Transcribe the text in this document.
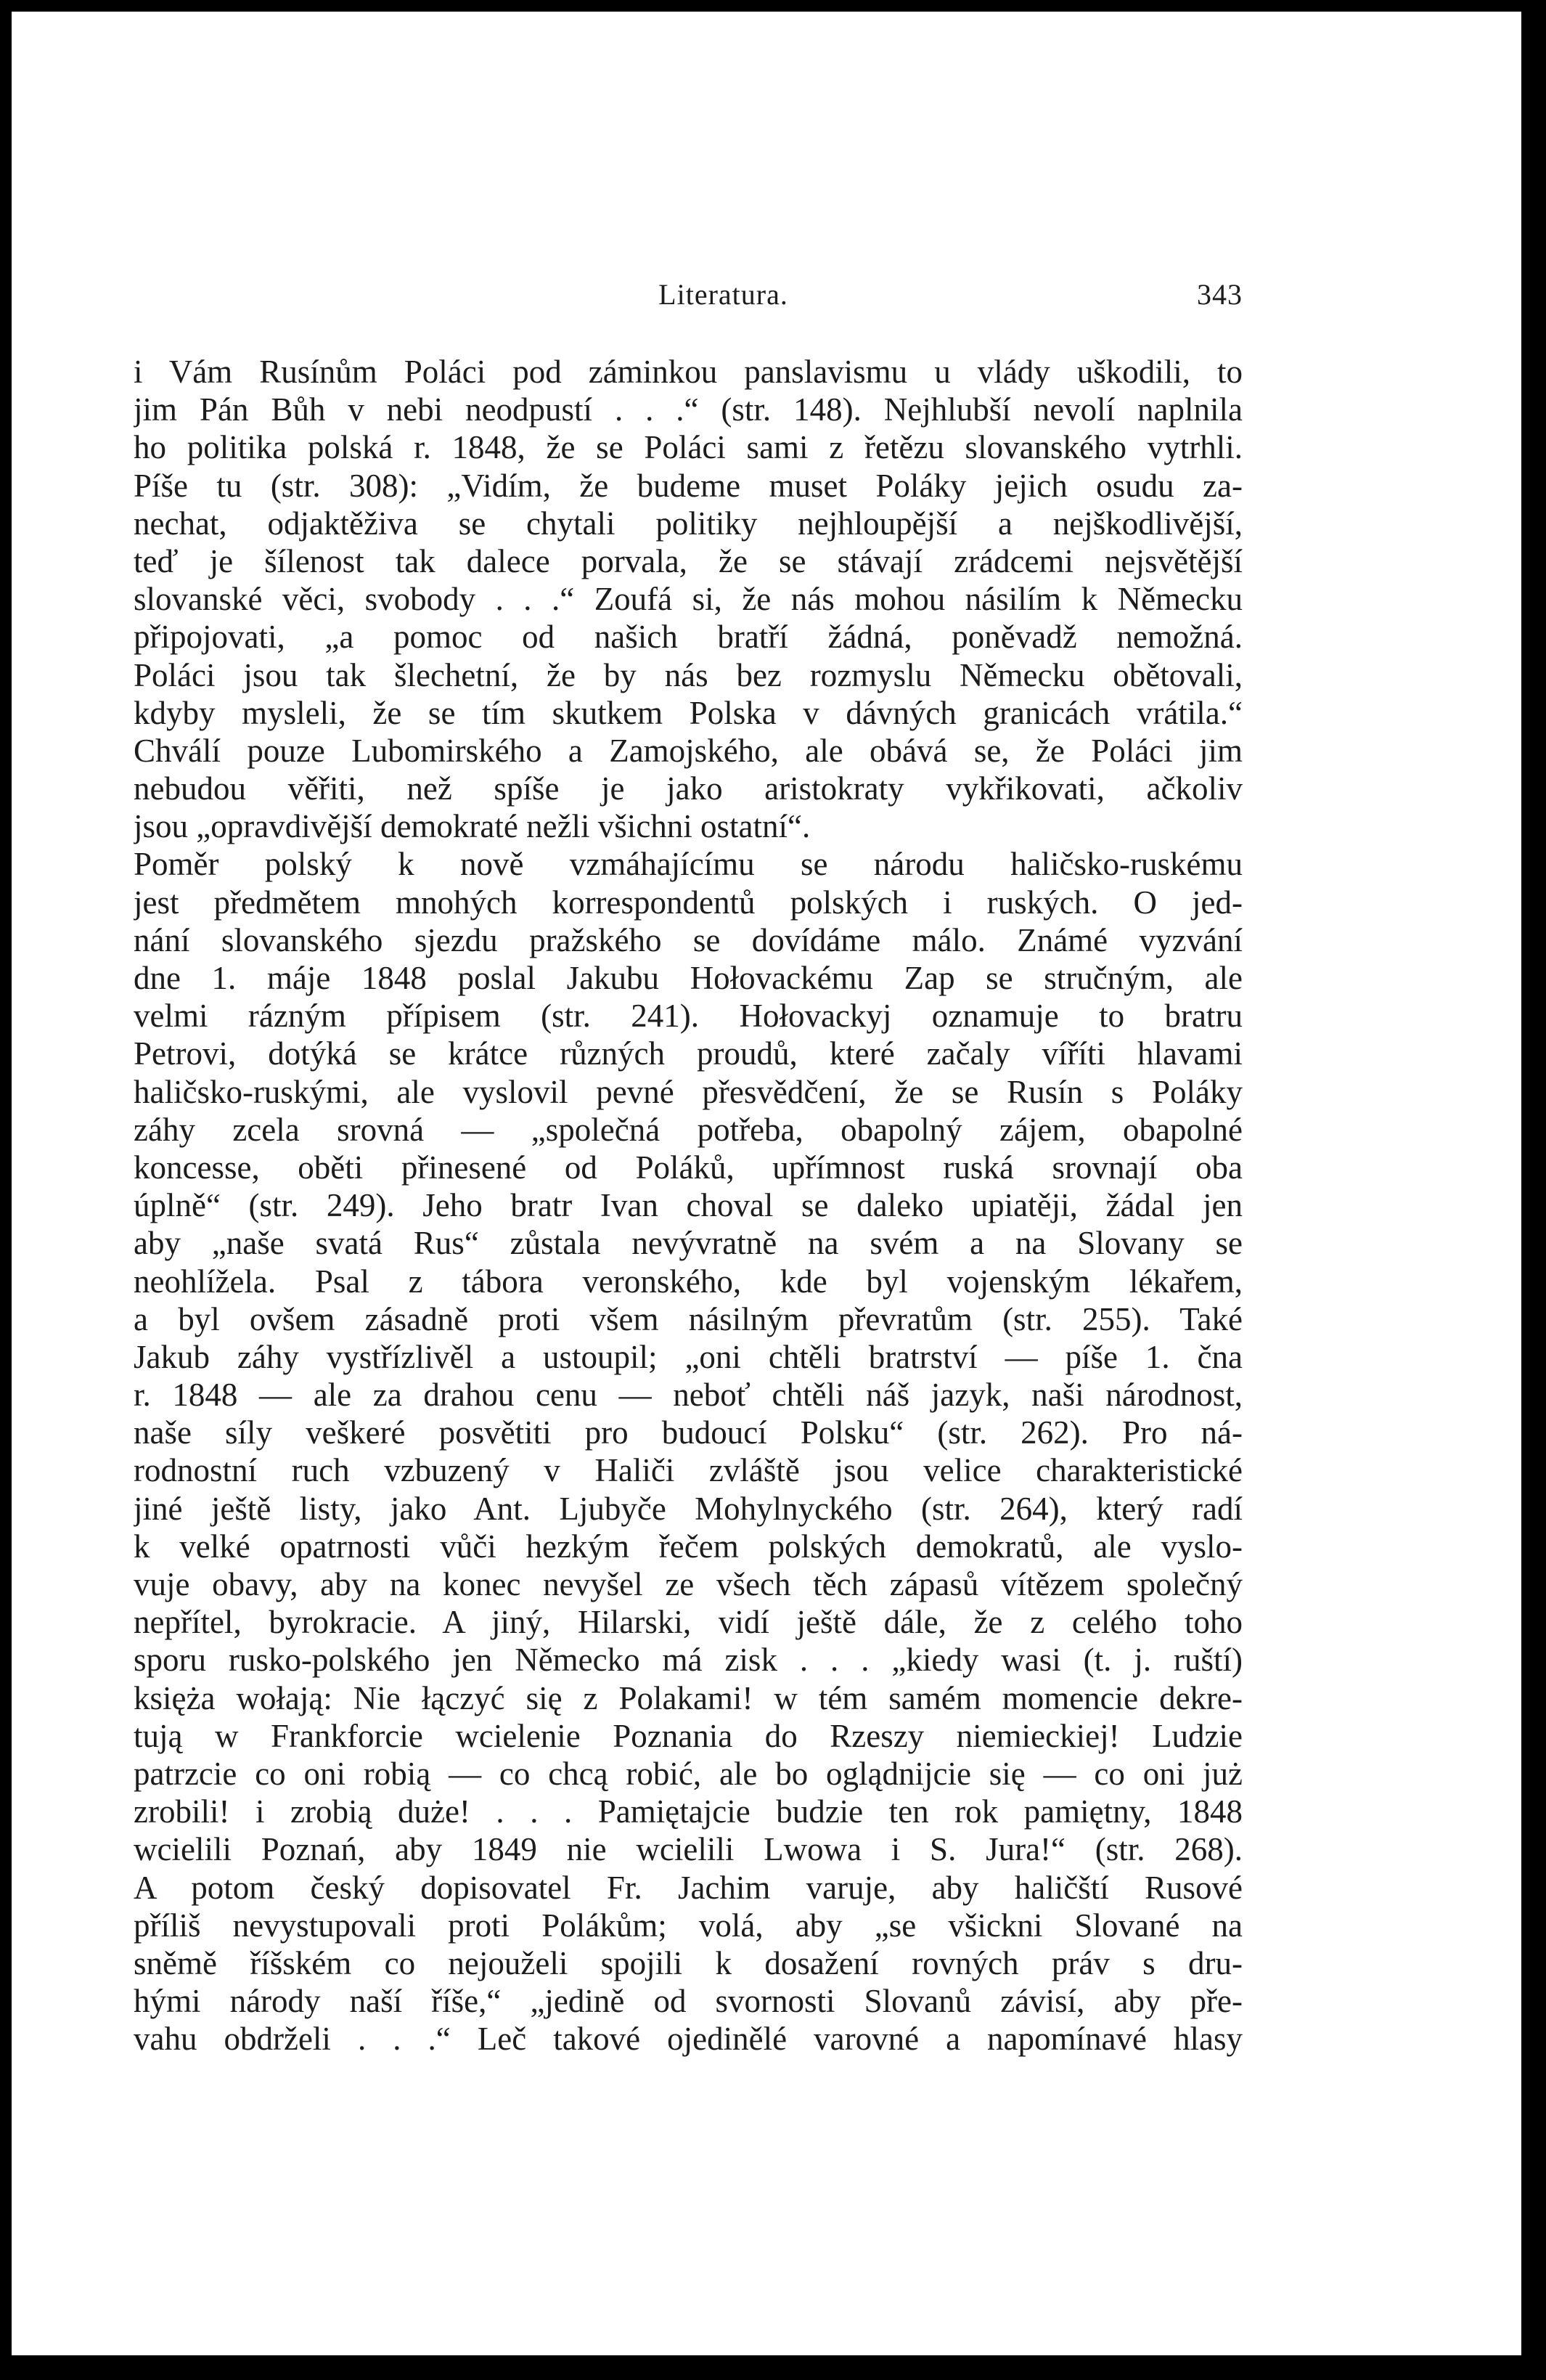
Literatura.	343
i Vám Rusínům Poláci pod záminkou panslavismu u vlády uškodili, to
jim Pán Bůh v nebi neodpustí . . .“ (str. 148). Nejhlubší nevolí naplnila
ho politika polská r. 1848, že se Poláci sami z řetězu slovanského vytrhli.
Píše tu (str. 308): „Vidím, že budeme muset Poláky jejich osudu za-
nechat, odjaktěživa se chytali politiky nejhloupější a nejškodlivější,
teď je šílenost tak dalece porvala, že se stávají zrádcemi nejsvětější
slovanské věci, svobody . . .“ Zoufá si, že nás mohou násilím k Německu
připojovati, „a pomoc od našich bratří žádná, poněvadž nemožná.
Poláci jsou tak šlechetní, že by nás bez rozmyslu Německu obětovali,
kdyby mysleli, že se tím skutkem Polska v dávných granicách vrátila.“
Chválí pouze Lubomirského a Zamojského, ale obává se, že Poláci jim
nebudou věřiti, než spíše je jako aristokraty vykřikovati, ačkoliv
jsou „opravdivější demokraté nežli všichni ostatní“.
Poměr polský k nově vzmáhajícímu se národu haličsko-ruskému
jest předmětem mnohých korrespondentů polských i ruských. O jed-
nání slovanského sjezdu pražského se dovídáme málo. Známé vyzvání
dne 1. máje 1848 poslal Jakubu Hołovackému Zap se stručným, ale
velmi rázným přípisem (str. 241). Hołovackyj oznamuje to bratru
Petrovi, dotýká se krátce různých proudů, které začaly víříti hlavami
haličsko-ruskými, ale vyslovil pevné přesvědčení, že se Rusín s Poláky
záhy zcela srovná — „společná potřeba, obapolný zájem, obapolné
koncesse, oběti přinesené od Poláků, upřímnost ruská srovnají oba
úplně“ (str. 249). Jeho bratr Ivan choval se daleko upiatěji, žádal jen
aby „naše svatá Rus“ zůstala nevývratně na svém a na Slovany se
neohlížela. Psal z tábora veronského, kde byl vojenským lékařem,
a byl ovšem zásadně proti všem násilným převratům (str. 255). Také
Jakub záhy vystřízlivěl a ustoupil; „oni chtěli bratrství — píše 1. čna
r. 1848 — ale za drahou cenu — neboť chtěli náš jazyk, naši národnost,
naše síly veškeré posvětiti pro budoucí Polsku“ (str. 262). Pro ná-
rodnostní ruch vzbuzený v Haliči zvláště jsou velice charakteristické
jiné ještě listy, jako Ant. Ljubyče Mohylnyckého (str. 264), který radí
k velké opatrnosti vůči hezkým řečem polských demokratů, ale vyslo-
vuje obavy, aby na konec nevyšel ze všech těch zápasů vítězem společný
nepřítel, byrokracie. A jiný, Hilarski, vidí ještě dále, že z celého toho
sporu rusko-polského jen Německo má zisk . . . „kiedy wasi (t. j. ruští)
księża wołają: Nie łączyć się z Polakami! w tém samém momencie dekre-
tują w Frankforcie wcielenie Poznania do Rzeszy niemieckiej! Ludzie
patrzcie co oni robią — co chcą robić, ale bo oglądnijcie się — co oni już
zrobili! i zrobią duże! . . . Pamiętajcie budzie ten rok pamiętny, 1848
wcielili Poznań, aby 1849 nie wcielili Lwowa i S. Jura!“ (str. 268).
A potom český dopisovatel Fr. Jachim varuje, aby haličští Rusové
příliš nevystupovali proti Polákům; volá, aby „se všickni Slované na
sněmě říšském co nejouželi spojili k dosažení rovných práv s dru-
hými národy naší říše,“ „jedině od svornosti Slovanů závisí, aby pře-
vahu obdrželi . . .“ Leč takové ojedinělé varovné a napomínavé hlasy
